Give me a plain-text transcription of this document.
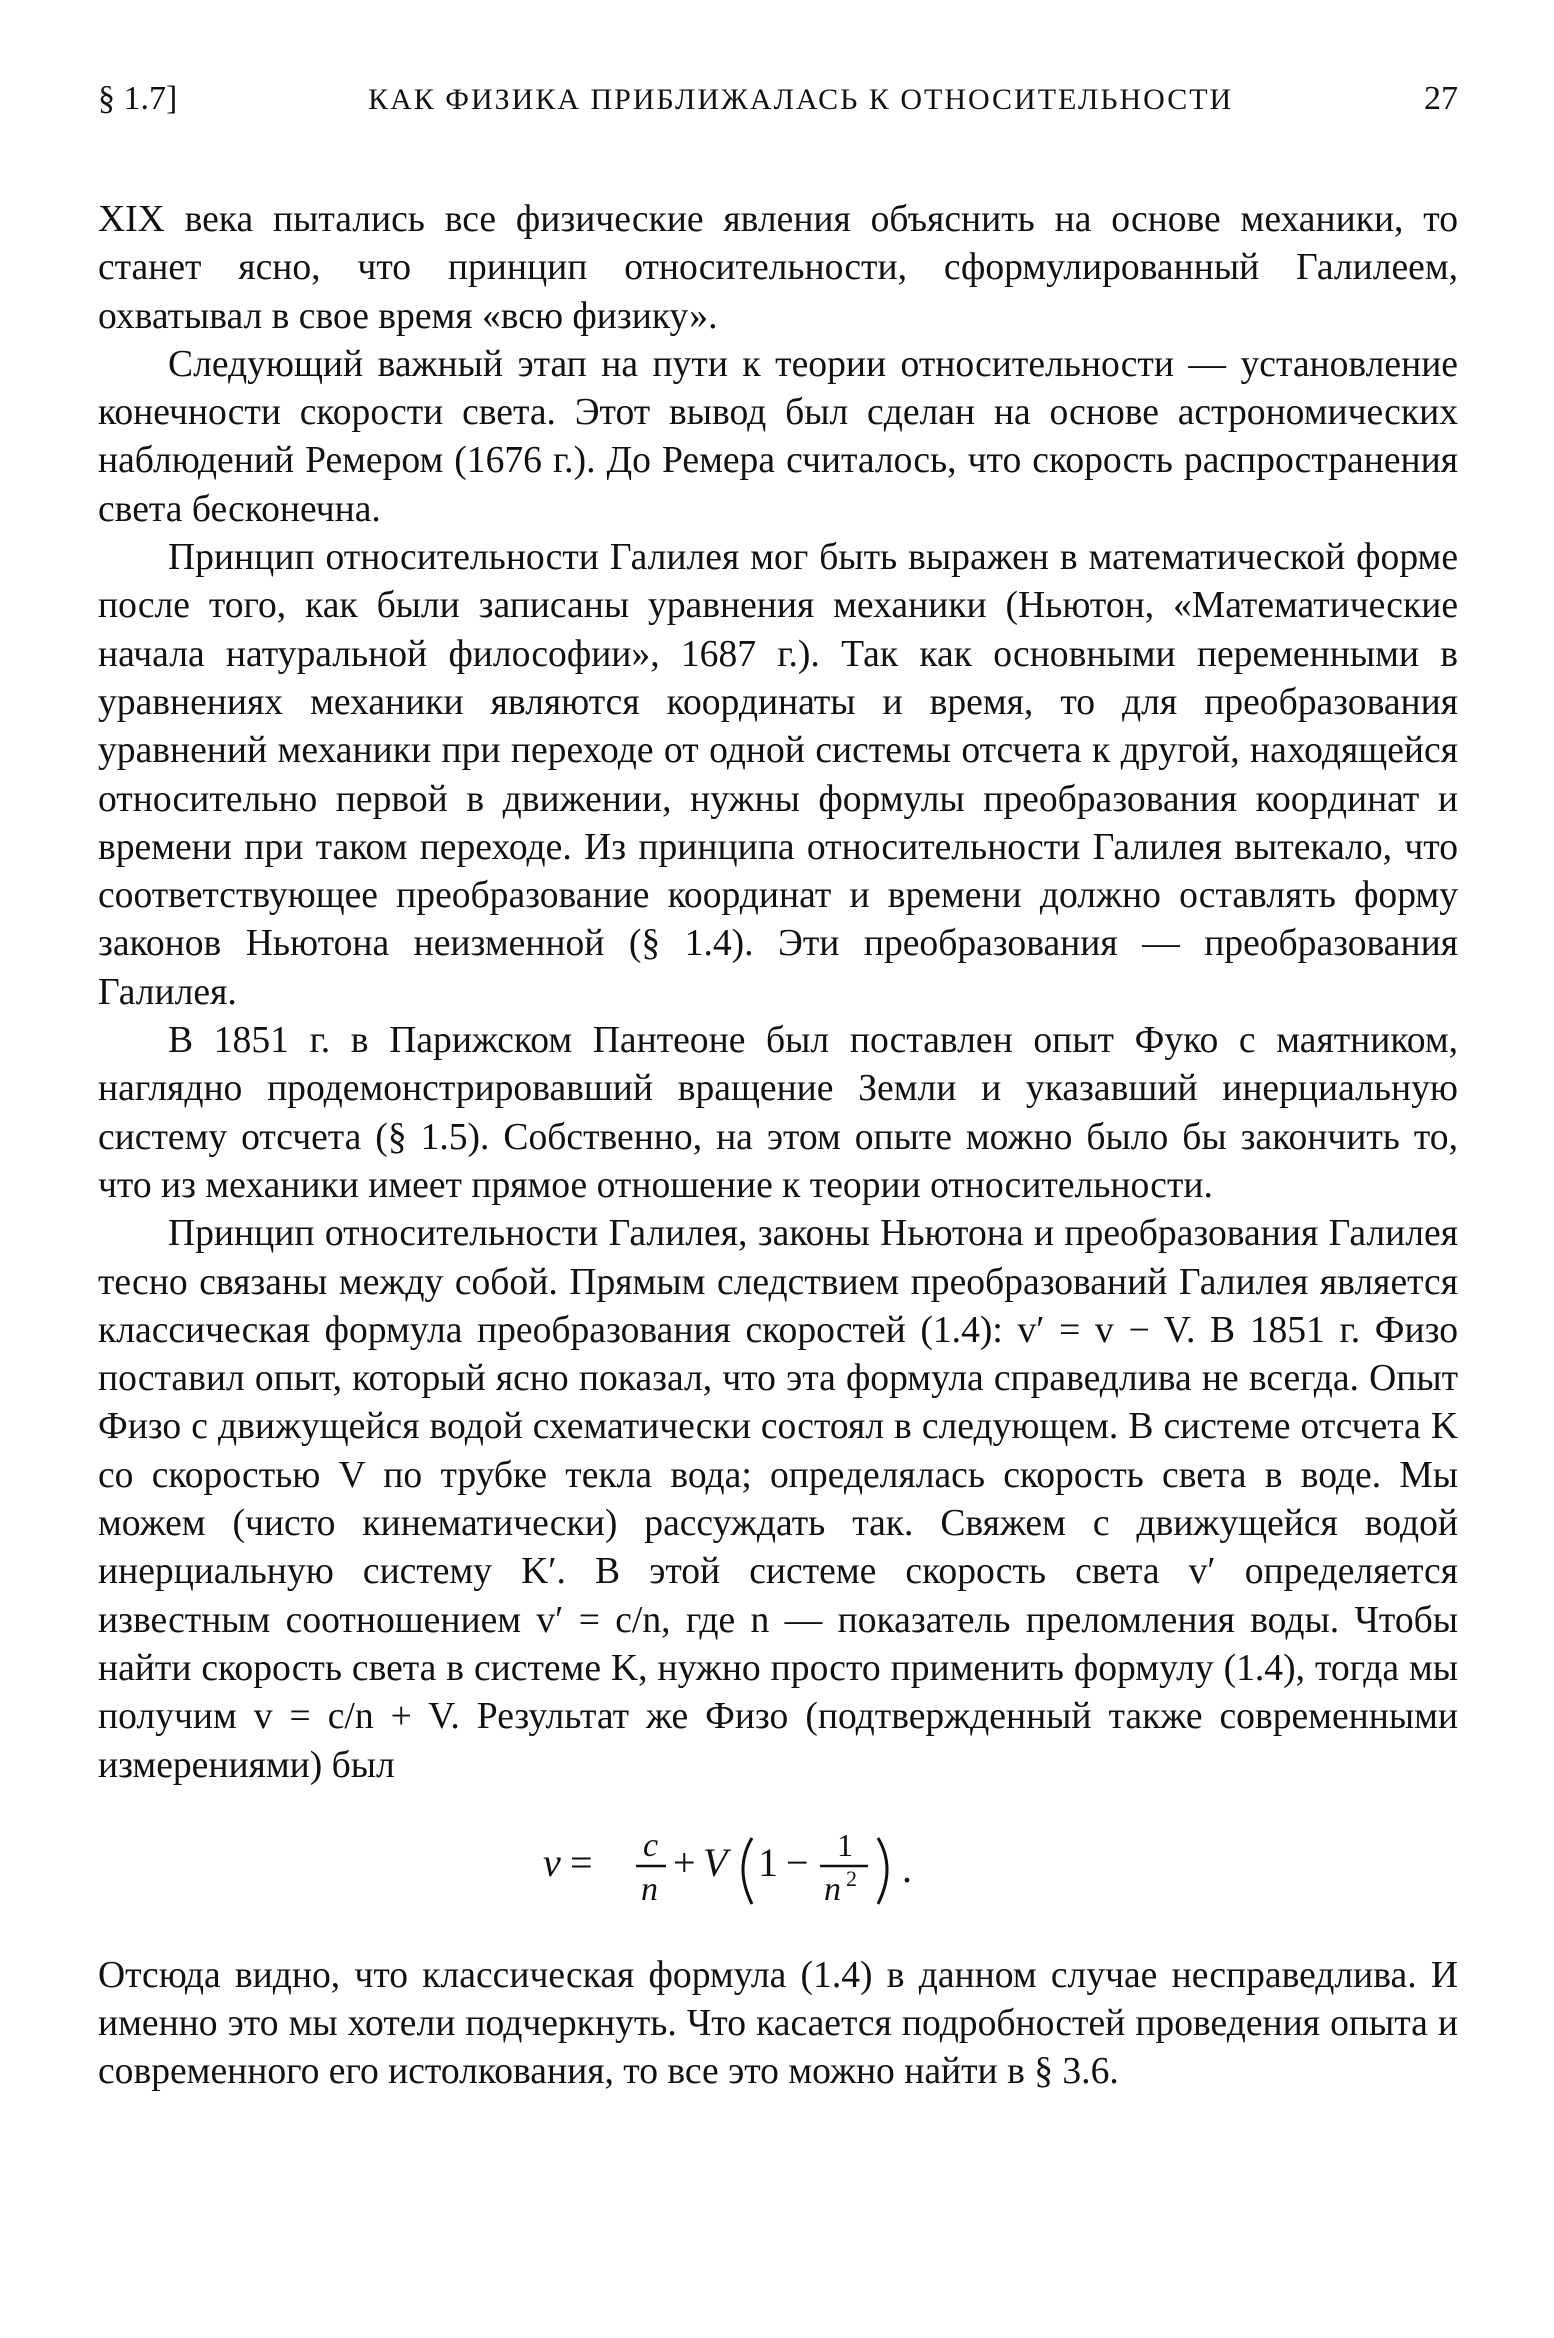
§ 1.7]	КАК ФИЗИКА ПРИБЛИЖАЛАСЬ К ОТНОСИТЕЛЬНОСТИ	27

XIX века пытались все физические явления объяснить на основе механики, то станет ясно, что принцип относительности, сформулированный Галилеем, охватывал в свое время «всю физику».

Следующий важный этап на пути к теории относительности — установление конечности скорости света. Этот вывод был сделан на основе астрономических наблюдений Ремером (1676 г.). До Ремера считалось, что скорость распространения света бесконечна.

Принцип относительности Галилея мог быть выражен в математической форме после того, как были записаны уравнения механики (Ньютон, «Математические начала натуральной философии», 1687 г.). Так как основными переменными в уравнениях механики являются координаты и время, то для преобразования уравнений механики при переходе от одной системы отсчета к другой, находящейся относительно первой в движении, нужны формулы преобразования координат и времени при таком переходе. Из принципа относительности Галилея вытекало, что соответствующее преобразование координат и времени должно оставлять форму законов Ньютона неизменной (§ 1.4). Эти преобразования — преобразования Галилея.

В 1851 г. в Парижском Пантеоне был поставлен опыт Фуко с маятником, наглядно продемонстрировавший вращение Земли и указавший инерциальную систему отсчета (§ 1.5). Собственно, на этом опыте можно было бы закончить то, что из механики имеет прямое отношение к теории относительности.

Принцип относительности Галилея, законы Ньютона и преобразования Галилея тесно связаны между собой. Прямым следствием преобразований Галилея является классическая формула преобразования скоростей (1.4): v′ = v − V. В 1851 г. Физо поставил опыт, который ясно показал, что эта формула справедлива не всегда. Опыт Физо с движущейся водой схематически состоял в следующем. В системе отсчета K со скоростью V по трубке текла вода; определялась скорость света в воде. Мы можем (чисто кинематически) рассуждать так. Свяжем с движущейся водой инерциальную систему K′. В этой системе скорость света v′ определяется известным соотношением v′ = c/n, где n — показатель преломления воды. Чтобы найти скорость света в системе K, нужно просто применить формулу (1.4), тогда мы получим v = c/n + V. Результат же Физо (подтвержденный также современными измерениями) был

v = c
n
+ V 1 − 1
n 2 .

Отсюда видно, что классическая формула (1.4) в данном случае несправедлива. И именно это мы хотели подчеркнуть. Что касается подробностей проведения опыта и современного его истолкования, то все это можно найти в § 3.6.
